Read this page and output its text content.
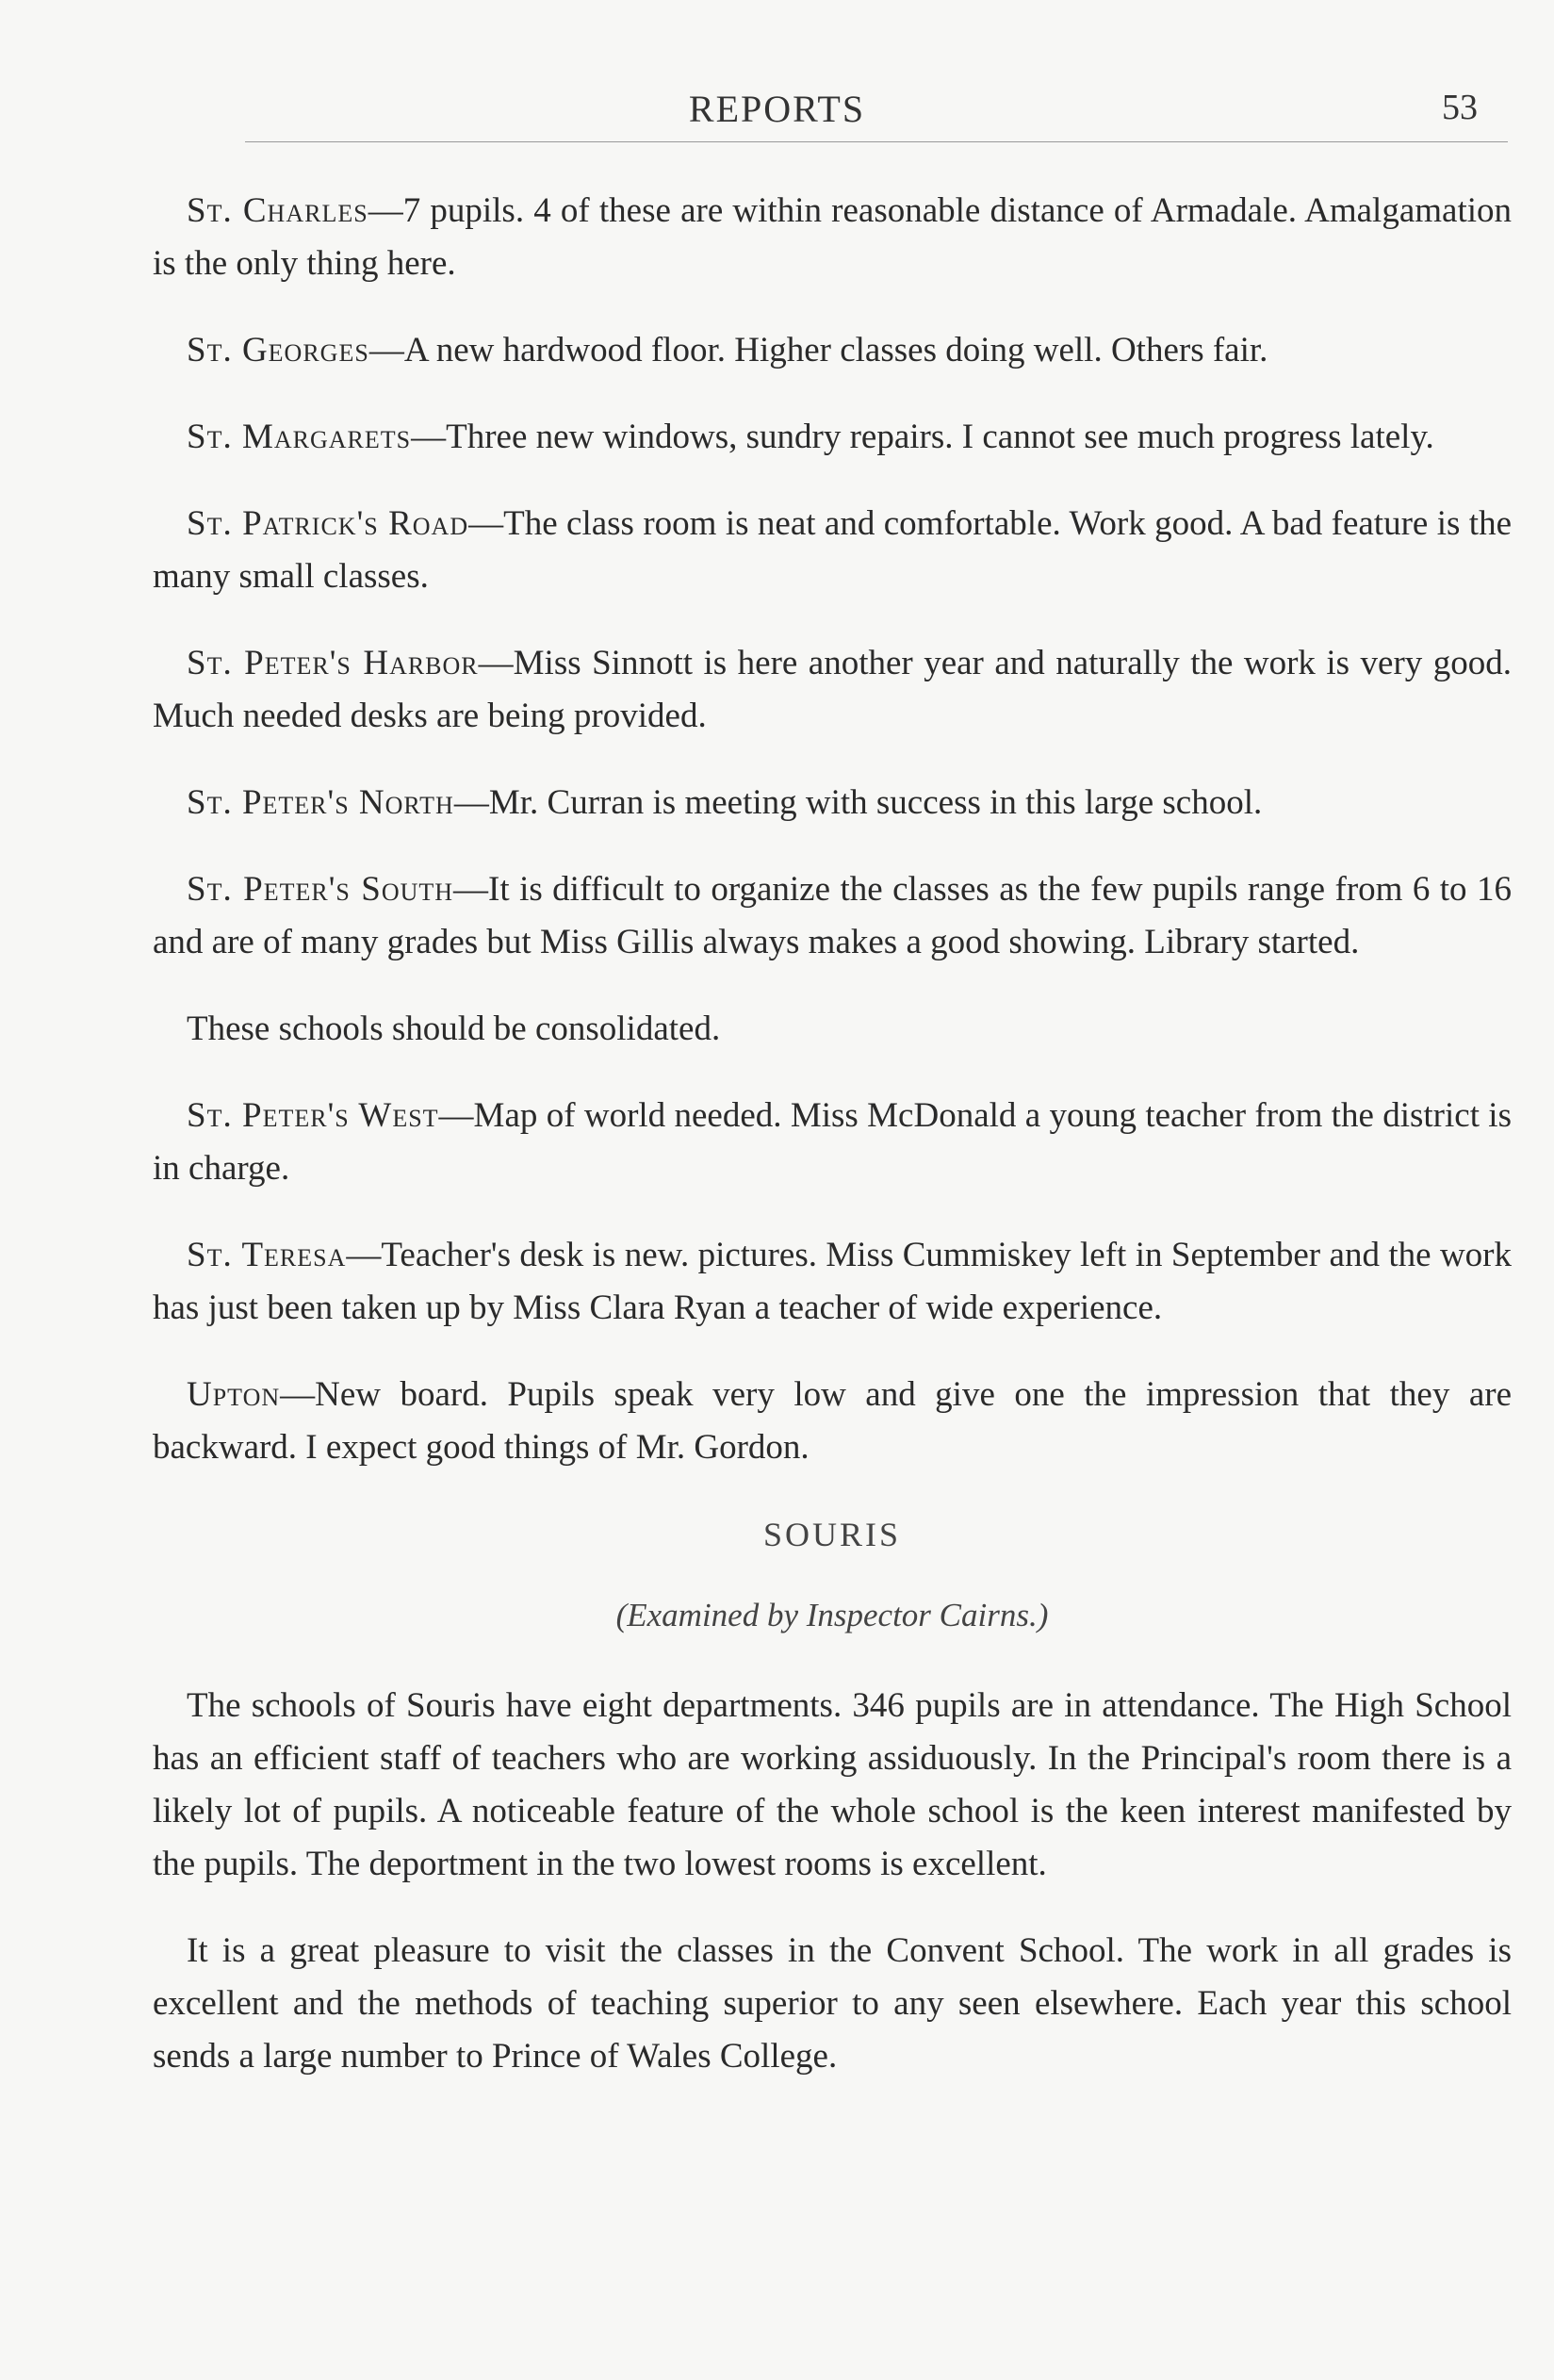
REPORTS	53

St. Charles—7 pupils. 4 of these are within reasonable distance of Armadale. Amalgamation is the only thing here.

St. Georges—A new hardwood floor. Higher classes doing well. Others fair.

St. Margarets—Three new windows, sundry repairs. I cannot see much progress lately.

St. Patrick's Road—The class room is neat and comfortable. Work good. A bad feature is the many small classes.

St. Peter's Harbor—Miss Sinnott is here another year and naturally the work is very good. Much needed desks are being provided.

St. Peter's North—Mr. Curran is meeting with success in this large school.

St. Peter's South—It is difficult to organize the classes as the few pupils range from 6 to 16 and are of many grades but Miss Gillis always makes a good showing. Library started.

These schools should be consolidated.

St. Peter's West—Map of world needed. Miss McDonald a young teacher from the district is in charge.

St. Teresa—Teacher's desk is new. pictures. Miss Cummiskey left in September and the work has just been taken up by Miss Clara Ryan a teacher of wide experience.

Upton—New board. Pupils speak very low and give one the impression that they are backward. I expect good things of Mr. Gordon.

SOURIS

(Examined by Inspector Cairns.)

The schools of Souris have eight departments. 346 pupils are in attendance. The High School has an efficient staff of teachers who are working assiduously. In the Principal's room there is a likely lot of pupils. A noticeable feature of the whole school is the keen interest manifested by the pupils. The deportment in the two lowest rooms is excellent.

It is a great pleasure to visit the classes in the Convent School. The work in all grades is excellent and the methods of teaching superior to any seen elsewhere. Each year this school sends a large number to Prince of Wales College.
